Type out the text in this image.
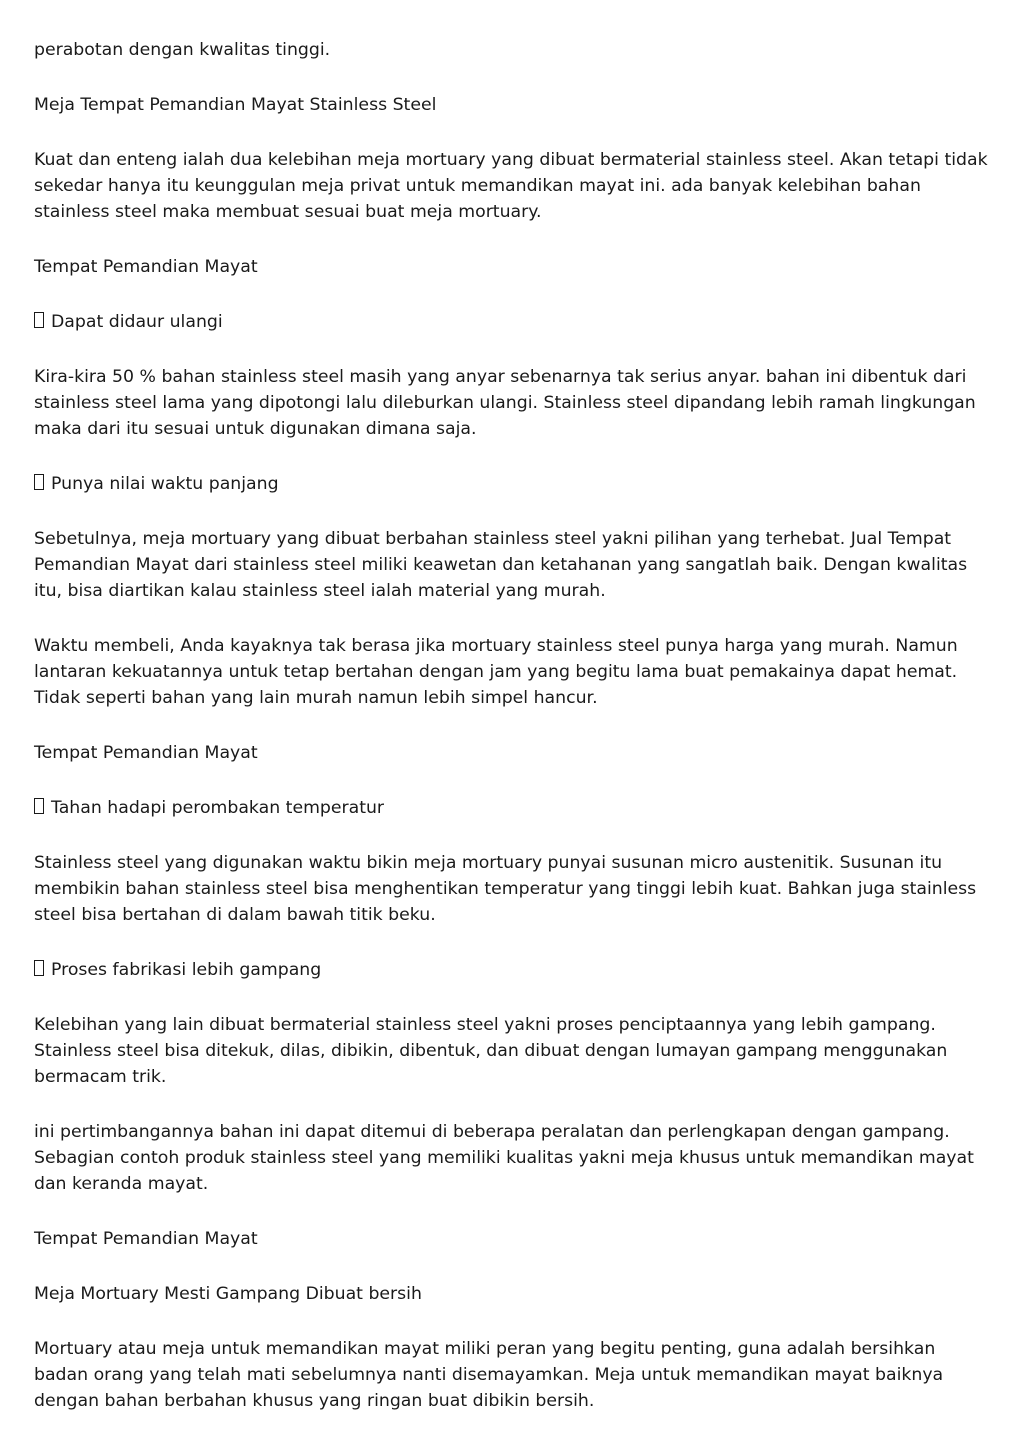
perabotan dengan kwalitas tinggi.

Meja Tempat Pemandian Mayat Stainless Steel

Kuat dan enteng ialah dua kelebihan meja mortuary yang dibuat bermaterial stainless steel. Akan tetapi tidak sekedar hanya itu keunggulan meja privat untuk memandikan mayat ini. ada banyak kelebihan bahan stainless steel maka membuat sesuai buat meja mortuary.

Tempat Pemandian Mayat

Dapat didaur ulangi

Kira-kira 50 % bahan stainless steel masih yang anyar sebenarnya tak serius anyar. bahan ini dibentuk dari stainless steel lama yang dipotongi lalu dileburkan ulangi. Stainless steel dipandang lebih ramah lingkungan maka dari itu sesuai untuk digunakan dimana saja.

Punya nilai waktu panjang

Sebetulnya, meja mortuary yang dibuat berbahan stainless steel yakni pilihan yang terhebat. Jual Tempat Pemandian Mayat dari stainless steel miliki keawetan dan ketahanan yang sangatlah baik. Dengan kwalitas itu, bisa diartikan kalau stainless steel ialah material yang murah.

Waktu membeli, Anda kayaknya tak berasa jika mortuary stainless steel punya harga yang murah. Namun lantaran kekuatannya untuk tetap bertahan dengan jam yang begitu lama buat pemakainya dapat hemat. Tidak seperti bahan yang lain murah namun lebih simpel hancur.

Tempat Pemandian Mayat

Tahan hadapi perombakan temperatur

Stainless steel yang digunakan waktu bikin meja mortuary punyai susunan micro austenitik. Susunan itu membikin bahan stainless steel bisa menghentikan temperatur yang tinggi lebih kuat. Bahkan juga stainless steel bisa bertahan di dalam bawah titik beku.

Proses fabrikasi lebih gampang

Kelebihan yang lain dibuat bermaterial stainless steel yakni proses penciptaannya yang lebih gampang. Stainless steel bisa ditekuk, dilas, dibikin, dibentuk, dan dibuat dengan lumayan gampang menggunakan bermacam trik.

ini pertimbangannya bahan ini dapat ditemui di beberapa peralatan dan perlengkapan dengan gampang. Sebagian contoh produk stainless steel yang memiliki kualitas yakni meja khusus untuk memandikan mayat dan keranda mayat.

Tempat Pemandian Mayat

Meja Mortuary Mesti Gampang Dibuat bersih

Mortuary atau meja untuk memandikan mayat miliki peran yang begitu penting, guna adalah bersihkan badan orang yang telah mati sebelumnya nanti disemayamkan. Meja untuk memandikan mayat baiknya dengan bahan berbahan khusus yang ringan buat dibikin bersih.
